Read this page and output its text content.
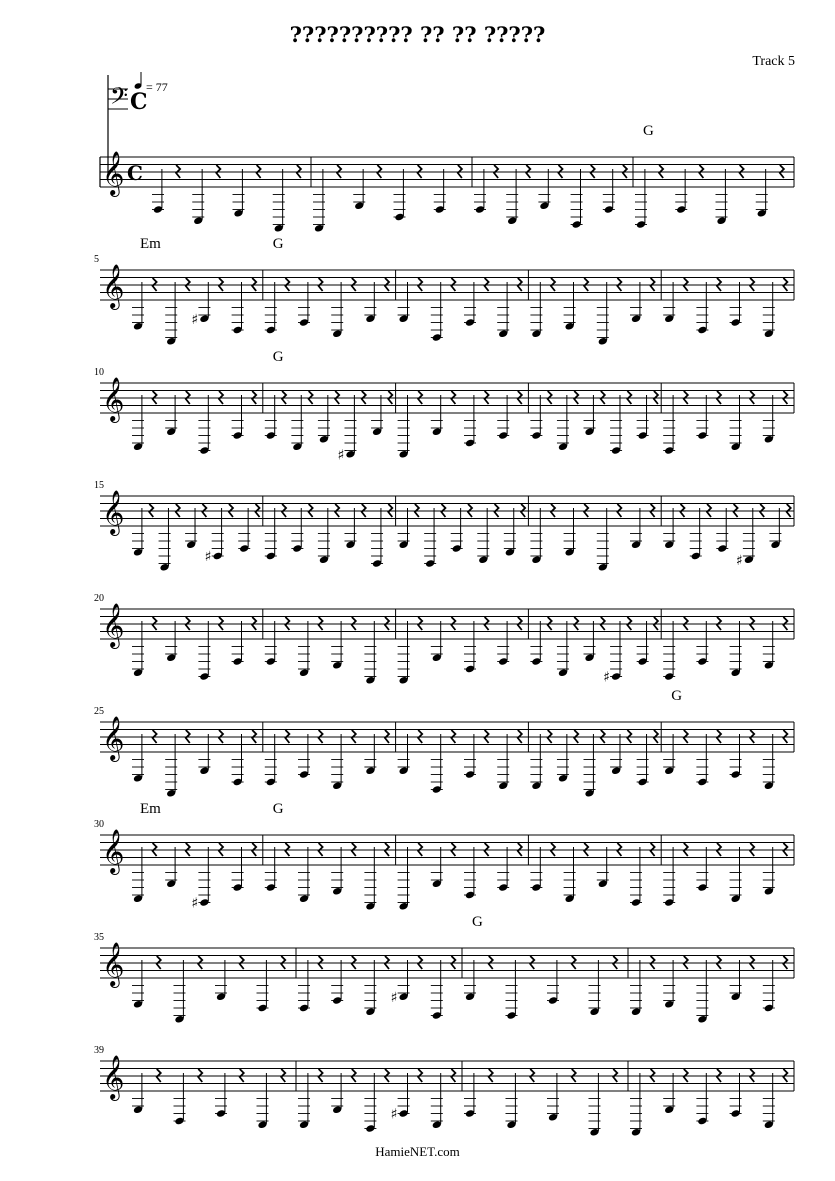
?????????? ?? ?? ?????
Track 5
𝄢 C
= 77
𝄞 C
G
𝄞
5
Em
♯
G
𝄞
10
G
♯
𝄞
15
♯	♯
𝄞
20
♯
𝄞
25
G
𝄞
30
Em
♯
G
𝄞
35
♯
G
𝄞
39
♯
HamieNET.com
